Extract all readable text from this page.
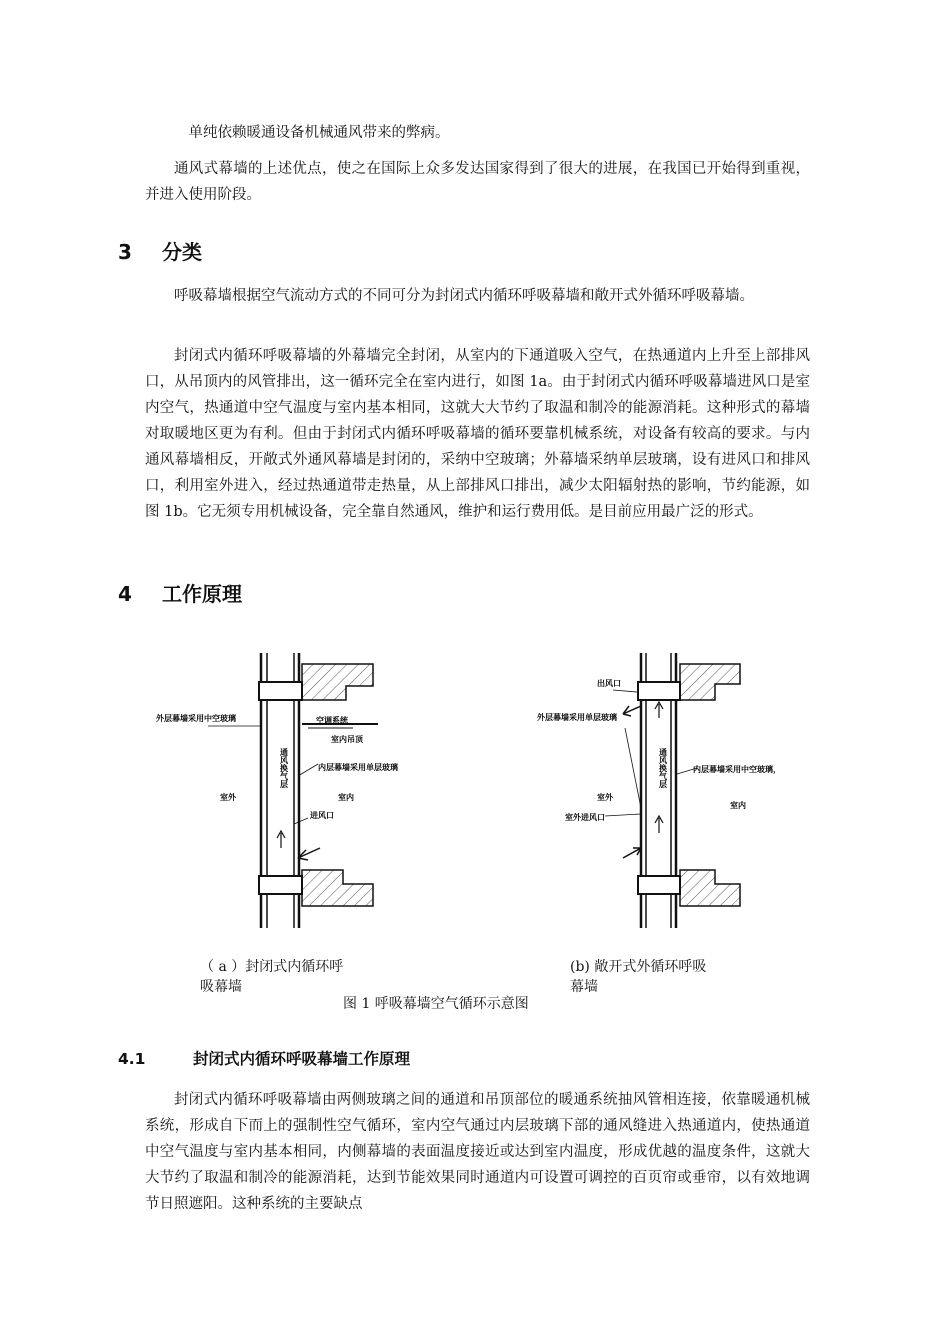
单纯依赖暖通设备机械通风带来的弊病。

通风式幕墙的上述优点，使之在国际上众多发达国家得到了很大的进展，在我国已开始得到重视，并进入使用阶段。

3 分类

呼吸幕墙根据空气流动方式的不同可分为封闭式内循环呼吸幕墙和敞开式外循环呼吸幕墙。

封闭式内循环呼吸幕墙的外幕墙完全封闭，从室内的下通道吸入空气，在热通道内上升至上部排风口，从吊顶内的风管排出，这一循环完全在室内进行，如图 1a。由于封闭式内循环呼吸幕墙进风口是室内空气，热通道中空气温度与室内基本相同，这就大大节约了取温和制冷的能源消耗。这种形式的幕墙对取暖地区更为有利。但由于封闭式内循环呼吸幕墙的循环要靠机械系统，对设备有较高的要求。与内通风幕墙相反，开敞式外通风幕墙是封闭的，采纳中空玻璃；外幕墙采纳单层玻璃，设有进风口和排风口，利用室外进入，经过热通道带走热量，从上部排风口排出，减少太阳辐射热的影响，节约能源，如图 1b。它无须专用机械设备，完全靠自然通风，维护和运行费用低。是目前应用最广泛的形式。

4 工作原理
外层幕墙采用中空玻璃	空调系统
室内吊顶
内层幕墙采用单层玻璃
室外	室内
进风口
通风换气层
出风口
外层幕墙采用单层玻璃
内层幕墙采用中空玻璃，
室外
室内
室外进风口
通风换气层
（ a ）封闭式内循环呼
吸幕墙
(b) 敞开式外循环呼吸
幕墙
图 1 呼吸幕墙空气循环示意图
4.1	封闭式内循环呼吸幕墙工作原理

封闭式内循环呼吸幕墙由两侧玻璃之间的通道和吊顶部位的暖通系统抽风管相连接，依靠暖通机械系统，形成自下而上的强制性空气循环，室内空气通过内层玻璃下部的通风缝进入热通道内，使热通道中空气温度与室内基本相同，内侧幕墙的表面温度接近或达到室内温度，形成优越的温度条件，这就大大节约了取温和制冷的能源消耗，达到节能效果同时通道内可设置可调控的百页帘或垂帘，以有效地调节日照遮阳。这种系统的主要缺点
